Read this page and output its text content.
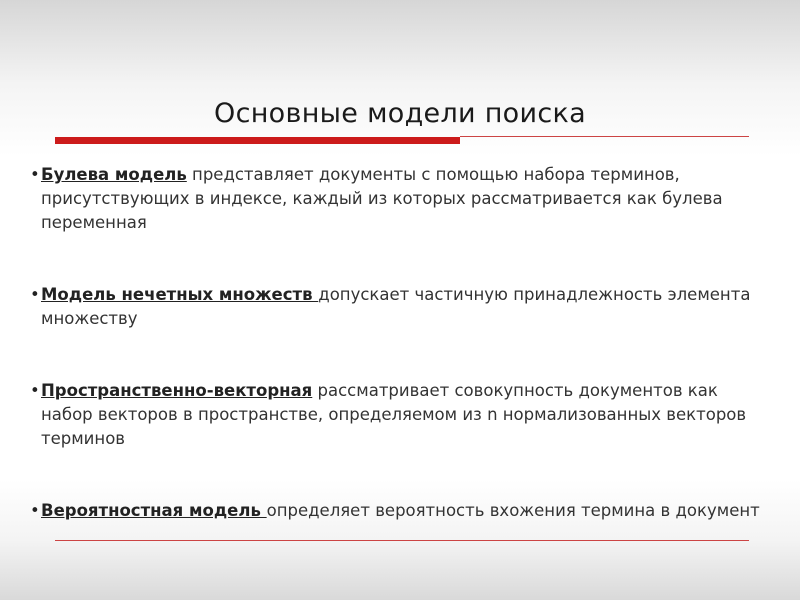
Основные модели поиска
• Булева модель представляет документы с помощью набора терминов, присутствующих в индексе, каждый из которых рассматривается как булева переменная
• Модель нечетных множеств допускает частичную принадлежность элемента множеству
• Пространственно-векторная рассматривает совокупность документов как набор векторов в пространстве, определяемом из n нормализованных векторов терминов
• Вероятностная модель определяет вероятность вхожения термина в документ
